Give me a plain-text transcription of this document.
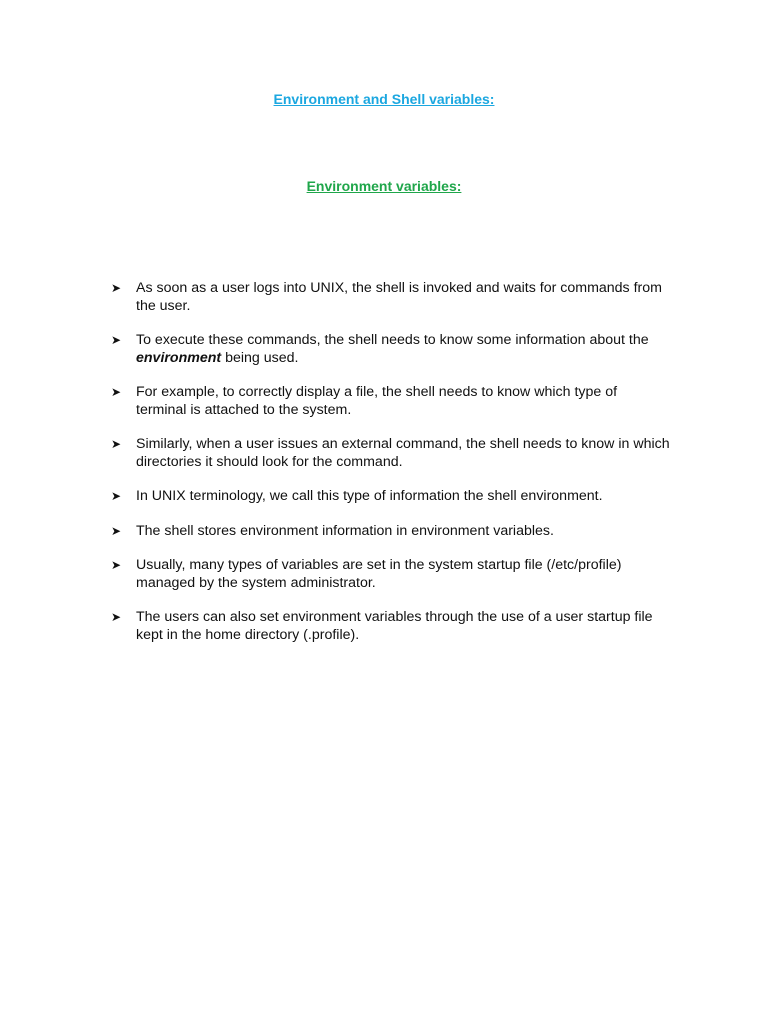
Environment and Shell variables:
Environment variables:
➤ As soon as a user logs into UNIX, the shell is invoked and waits for commands from the user.
➤ To execute these commands, the shell needs to know some information about the environment being used.
➤ For example, to correctly display a file, the shell needs to know which type of terminal is attached to the system.
➤ Similarly, when a user issues an external command, the shell needs to know in which directories it should look for the command.
➤ In UNIX terminology, we call this type of information the shell environment.
➤ The shell stores environment information in environment variables.
➤ Usually, many types of variables are set in the system startup file (/etc/profile) managed by the system administrator.
➤ The users can also set environment variables through the use of a user startup file kept in the home directory (.profile).
